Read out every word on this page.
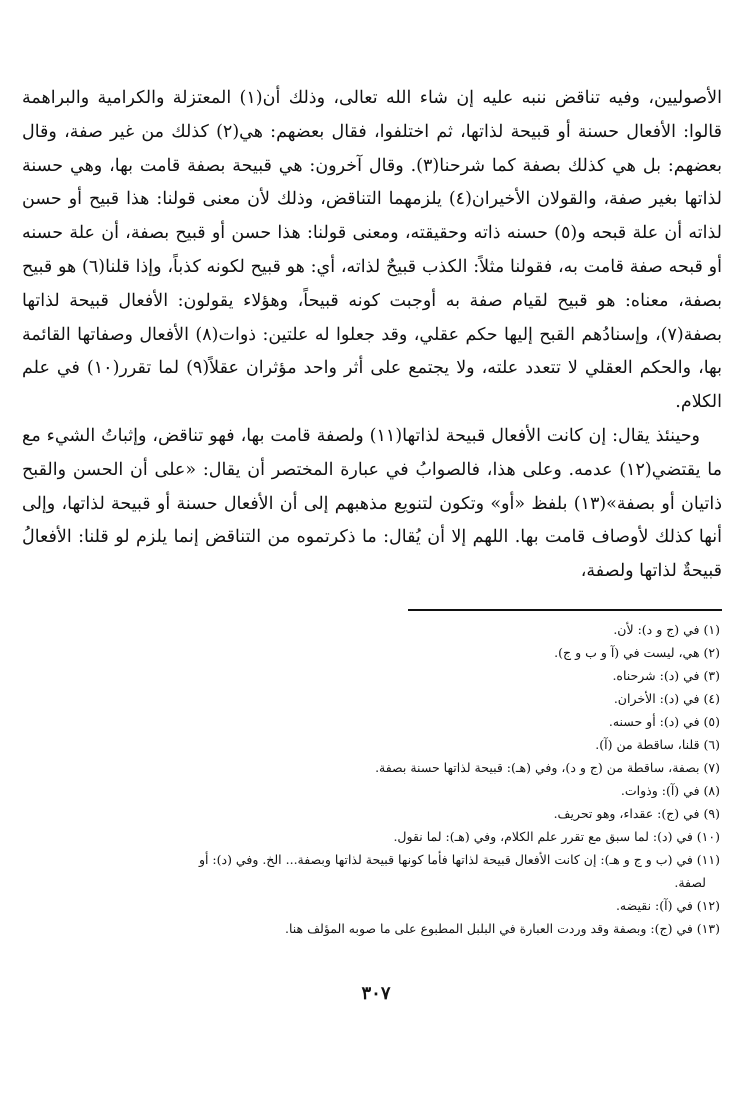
الأصوليين، وفيه تناقض ننبه عليه إن شاء الله تعالى، وذلك أن(١) المعتزلة والكرامية والبراهمة قالوا: الأفعال حسنة أو قبيحة لذاتها، ثم اختلفوا، فقال بعضهم: هي(٢) كذلك من غير صفة، وقال بعضهم: بل هي كذلك بصفة كما شرحنا(٣). وقال آخرون: هي قبيحة بصفة قامت بها، وهي حسنة لذاتها بغير صفة، والقولان الأخيران(٤) يلزمهما التناقض، وذلك لأن معنى قولنا: هذا قبيح أو حسن لذاته أن علة قبحه و(٥) حسنه ذاته وحقيقته، ومعنى قولنا: هذا حسن أو قبيح بصفة، أن علة حسنه أو قبحه صفة قامت به، فقولنا مثلاً: الكذب قبيحٌ لذاته، أي: هو قبيح لكونه كذباً، وإذا قلنا(٦) هو قبيح بصفة، معناه: هو قبيح لقيام صفة به أوجبت كونه قبيحاً، وهؤلاء يقولون: الأفعال قبيحة لذاتها بصفة(٧)، وإسنادُهم القبح إليها حكم عقلي، وقد جعلوا له علتين: ذوات(٨) الأفعال وصفاتها القائمة بها، والحكم العقلي لا تتعدد علته، ولا يجتمع على أثر واحد مؤثران عقلاً(٩) لما تقرر(١٠) في علم الكلام.

وحينئذ يقال: إن كانت الأفعال قبيحة لذاتها(١١) ولصفة قامت بها، فهو تناقض، وإثباتُ الشيء مع ما يقتضي(١٢) عدمه. وعلى هذا، فالصوابُ في عبارة المختصر أن يقال: «على أن الحسن والقبح ذاتيان أو بصفة»(١٣) بلفظ «أو» وتكون لتنويع مذهبهم إلى أن الأفعال حسنة أو قبيحة لذاتها، وإلى أنها كذلك لأوصاف قامت بها. اللهم إلا أن يُقال: ما ذكرتموه من التناقض إنما يلزم لو قلنا: الأفعالُ قبيحةٌ لذاتها ولصفة،

(١) في (ج و د): لأن.

(٢) هي، ليست في (آ و ب و ج).

(٣) في (د): شرحناه.

(٤) في (د): الأخران.

(٥) في (د): أو حسنه.

(٦) قلنا، ساقطة من (آ).

(٧) بصفة، ساقطة من (ج و د)، وفي (هـ): قبيحة لذاتها حسنة بصفة.

(٨) في (آ): وذوات.

(٩) في (ج): عقداء، وهو تحريف.

(١٠) في (د): لما سبق مع تقرر علم الكلام، وفي (هـ): لما نقول.

(١١) في (ب و ج و هـ): إن كانت الأفعال قبيحة لذاتها فأما كونها قبيحة لذاتها وبصفة... الخ. وفي (د): أو

لصفة.

(١٢) في (آ): نقيضه.

(١٣) في (ج): وبصفة وقد وردت العبارة في البلبل المطبوع على ما صوبه المؤلف هنا.

٣٠٧
